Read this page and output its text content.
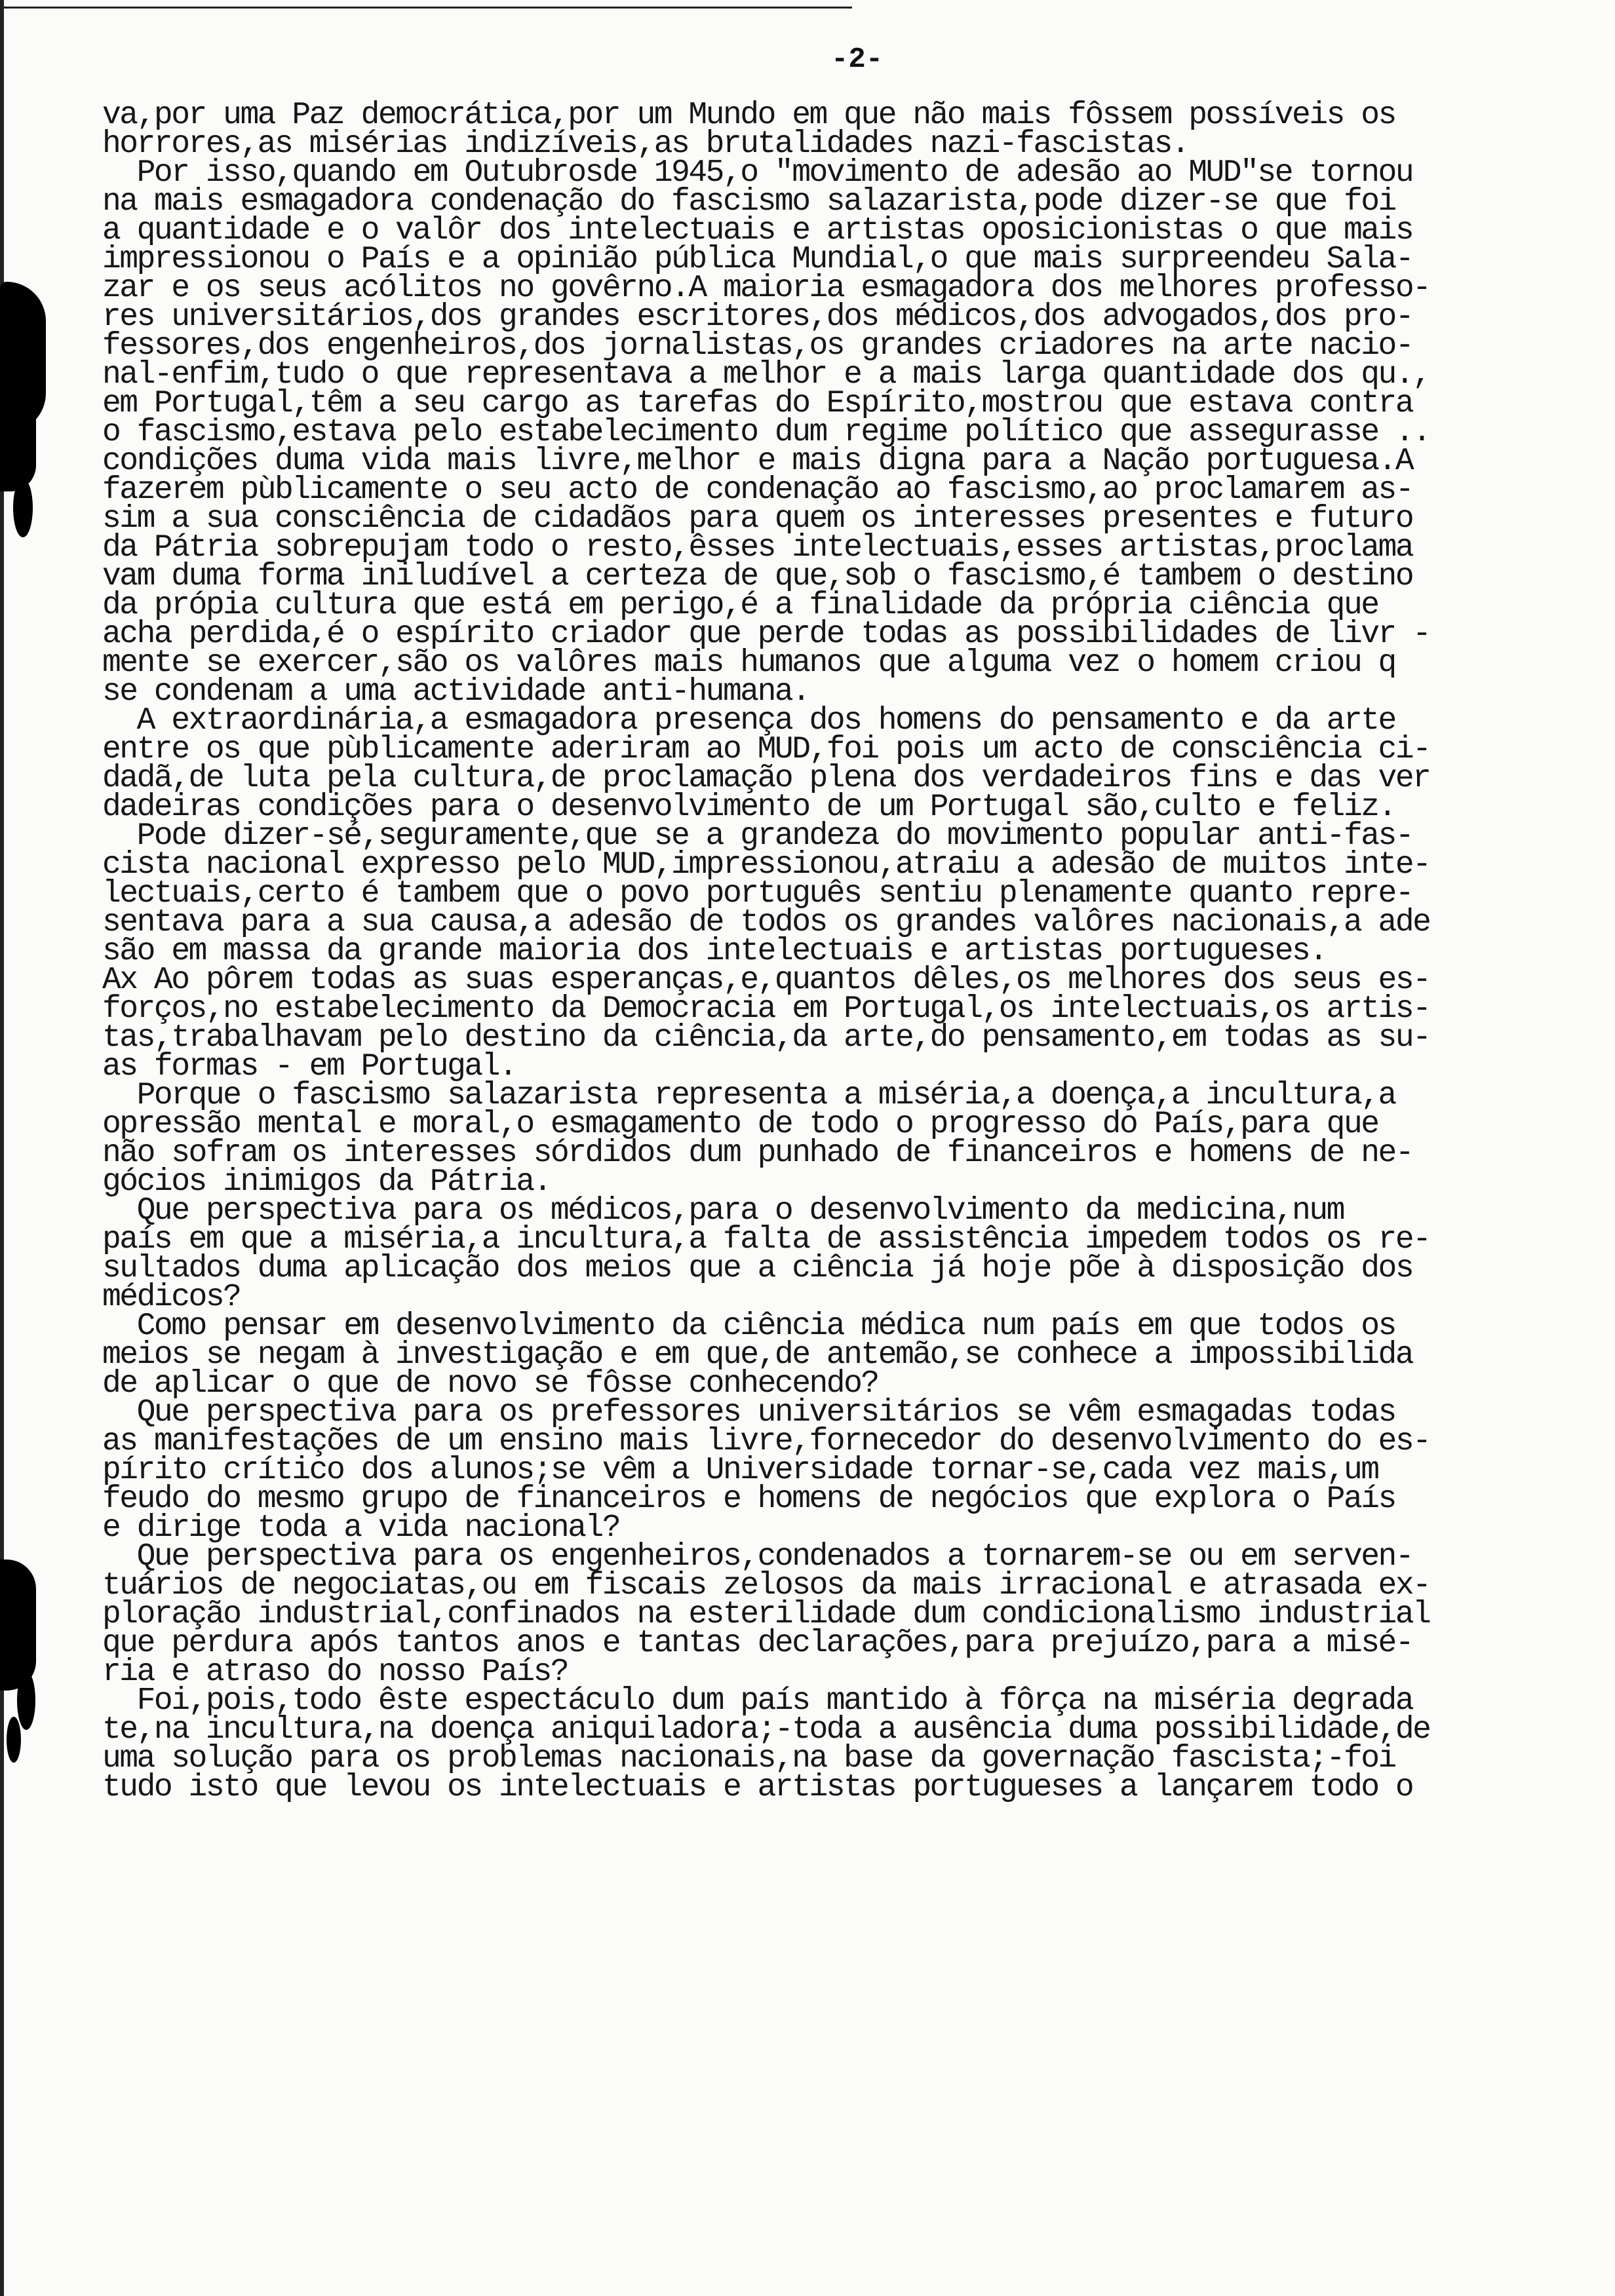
-2-
va,por uma Paz democrática,por um Mundo em que não mais fôssem possíveis os
horrores,as misérias indizíveis,as brutalidades nazi-fascistas.
Por isso,quando em Outubrosde 1945,o "movimento de adesão ao MUD"se tornou
na mais esmagadora condenação do fascismo salazarista,pode dizer-se que foi
a quantidade e o valôr dos intelectuais e artistas oposicionistas o que mais
impressionou o País e a opinião pública Mundial,o que mais surpreendeu Sala-
zar e os seus acólitos no govêrno.A maioria esmagadora dos melhores professo-
res universitários,dos grandes escritores,dos médicos,dos advogados,dos pro-
fessores,dos engenheiros,dos jornalistas,os grandes criadores na arte nacio-
nal-enfim,tudo o que representava a melhor e a mais larga quantidade dos qu.,
em Portugal,têm a seu cargo as tarefas do Espírito,mostrou que estava contra
o fascismo,estava pelo estabelecimento dum regime político que assegurasse ..
condições duma vida mais livre,melhor e mais digna para a Nação portuguesa.A
fazerem pùblicamente o seu acto de condenação ao fascismo,ao proclamarem as-
sim a sua consciência de cidadãos para quem os interesses presentes e futuro
da Pátria sobrepujam todo o resto,êsses intelectuais,esses artistas,proclama
vam duma forma iniludível a certeza de que,sob o fascismo,é tambem o destino
da própia cultura que está em perigo,é a finalidade da própria ciência que
acha perdida,é o espírito criador que perde todas as possibilidades de livr -
mente se exercer,são os valôres mais humanos que alguma vez o homem criou q
se condenam a uma actividade anti-humana.
A extraordinária,a esmagadora presença dos homens do pensamento e da arte
entre os que pùblicamente aderiram ao MUD,foi pois um acto de consciência ci-
dadã,de luta pela cultura,de proclamação plena dos verdadeiros fins e das ver
dadeiras condições para o desenvolvimento de um Portugal são,culto e feliz.
Pode dizer-sé,seguramente,que se a grandeza do movimento popular anti-fas-
cista nacional expresso pelo MUD,impressionou,atraiu a adesão de muitos inte-
lectuais,certo é tambem que o povo português sentiu plenamente quanto repre-
sentava para a sua causa,a adesão de todos os grandes valôres nacionais,a ade
são em massa da grande maioria dos intelectuais e artistas portugueses.
Ax Ao pôrem todas as suas esperanças,e,quantos dêles,os melhores dos seus es-
forços,no estabelecimento da Democracia em Portugal,os intelectuais,os artis-
tas,trabalhavam pelo destino da ciência,da arte,do pensamento,em todas as su-
as formas - em Portugal.
Porque o fascismo salazarista representa a miséria,a doença,a incultura,a
opressão mental e moral,o esmagamento de todo o progresso do País,para que
não sofram os interesses sórdidos dum punhado de financeiros e homens de ne-
gócios inimigos da Pátria.
Que perspectiva para os médicos,para o desenvolvimento da medicina,num
país em que a miséria,a incultura,a falta de assistência impedem todos os re-
sultados duma aplicação dos meios que a ciência já hoje põe à disposição dos
médicos?
Como pensar em desenvolvimento da ciência médica num país em que todos os
meios se negam à investigação e em que,de antemão,se conhece a impossibilida
de aplicar o que de novo se fôsse conhecendo?
Que perspectiva para os prefessores universitários se vêm esmagadas todas
as manifestações de um ensino mais livre,fornecedor do desenvolvimento do es-
pírito crítico dos alunos;se vêm a Universidade tornar-se,cada vez mais,um
feudo do mesmo grupo de financeiros e homens de negócios que explora o País
e dirige toda a vida nacional?
Que perspectiva para os engenheiros,condenados a tornarem-se ou em serven-
tuários de negociatas,ou em fiscais zelosos da mais irracional e atrasada ex-
ploração industrial,confinados na esterilidade dum condicionalismo industrial
que perdura após tantos anos e tantas declarações,para prejuízo,para a misé-
ria e atraso do nosso País?
Foi,pois,todo êste espectáculo dum país mantido à fôrça na miséria degrada
te,na incultura,na doença aniquiladora;-toda a ausência duma possibilidade,de
uma solução para os problemas nacionais,na base da governação fascista;-foi
tudo isto que levou os intelectuais e artistas portugueses a lançarem todo o
